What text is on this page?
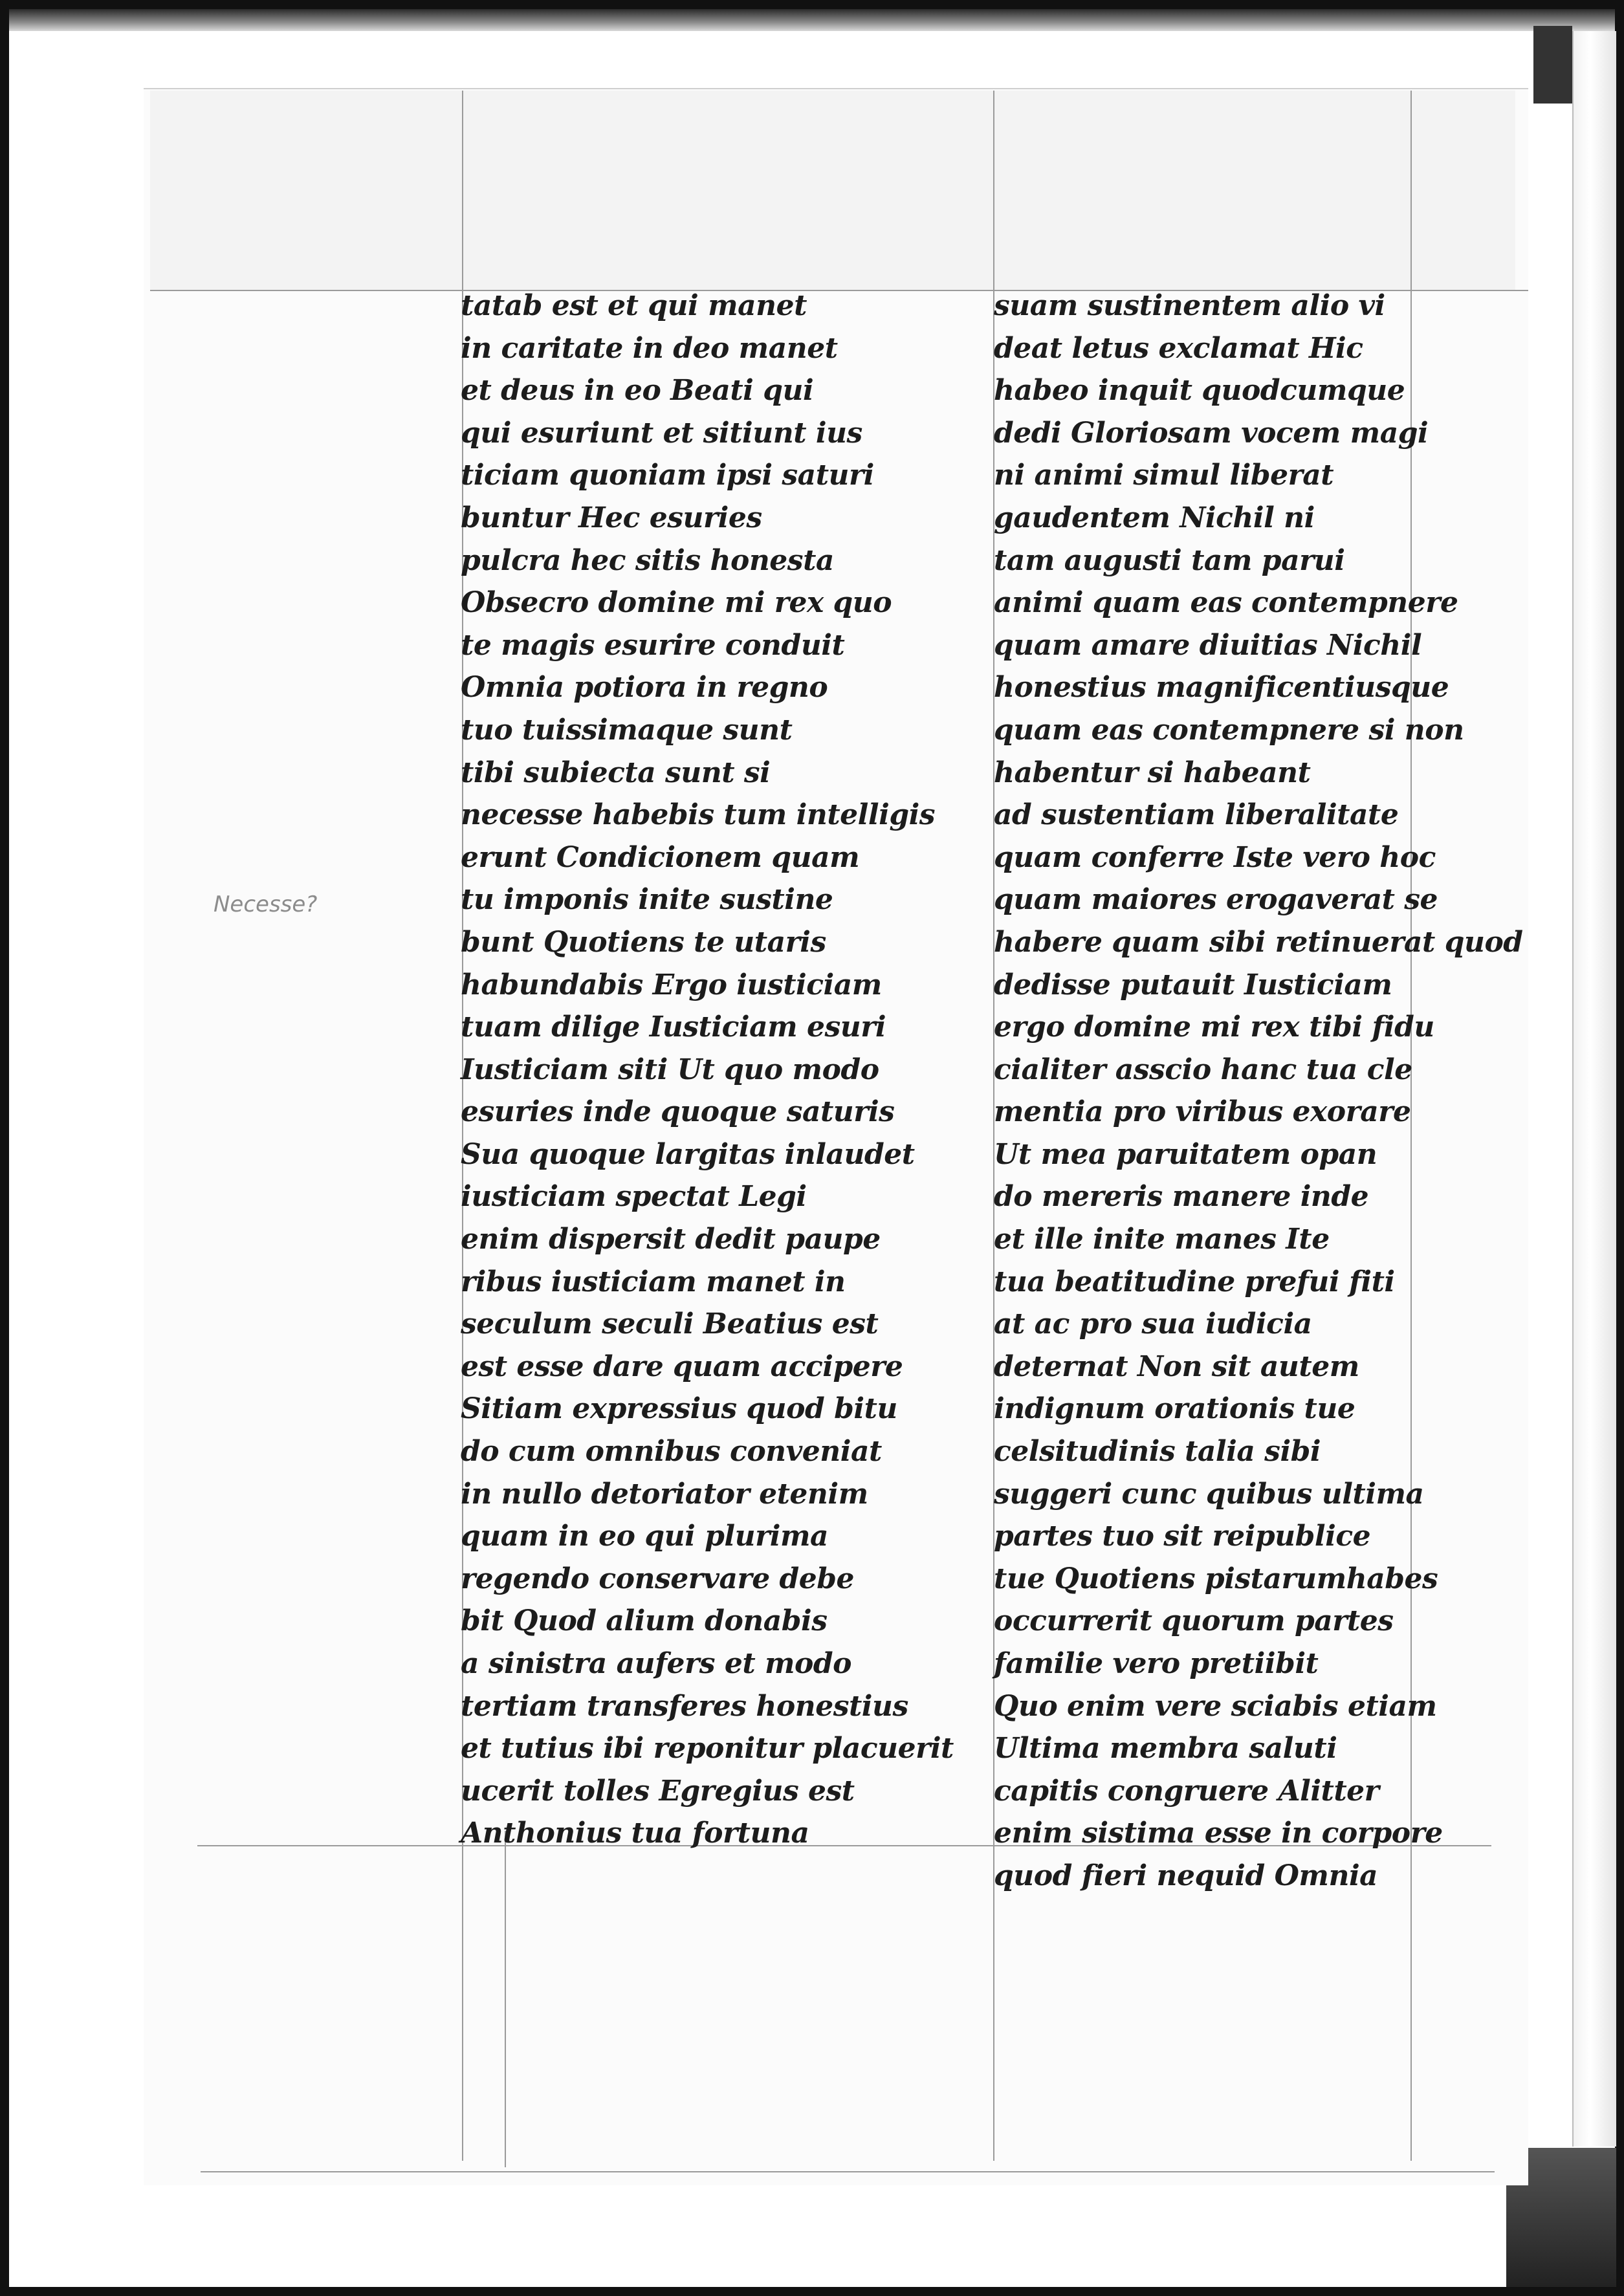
Necesse?
tatab est et qui manet
in caritate in deo manet
et deus in eo Beati qui
qui esuriunt et sitiunt ius
ticiam quoniam ipsi saturi
buntur Hec esuries
pulcra hec sitis honesta
Obsecro domine mi rex quo
te magis esurire conduit
Omnia potiora in regno
tuo tuissimaque sunt
tibi subiecta sunt si
necesse habebis tum intelligis
erunt Condicionem quam
tu imponis inite sustine
bunt Quotiens te utaris
habundabis Ergo iusticiam
tuam dilige Iusticiam esuri
Iusticiam siti Ut quo modo
esuries inde quoque saturis
Sua quoque largitas inlaudet
iusticiam spectat Legi
enim dispersit dedit paupe
ribus iusticiam manet in
seculum seculi Beatius est
est esse dare quam accipere
Sitiam expressius quod bitu
do cum omnibus conveniat
in nullo detoriator etenim
quam in eo qui plurima
regendo conservare debe
bit Quod alium donabis
a sinistra aufers et modo
tertiam transferes honestius
et tutius ibi reponitur placuerit
ucerit tolles Egregius est
Anthonius tua fortuna
suam sustinentem alio vi
deat letus exclamat Hic
habeo inquit quodcumque
dedi Gloriosam vocem magi
ni animi simul liberat
gaudentem Nichil ni
tam augusti tam parui
animi quam eas contempnere
quam amare diuitias Nichil
honestius magnificentiusque
quam eas contempnere si non
habentur si habeant
ad sustentiam liberalitate
quam conferre Iste vero hoc
quam maiores erogaverat se
habere quam sibi retinuerat quod
dedisse putauit Iusticiam
ergo domine mi rex tibi fidu
cialiter asscio hanc tua cle
mentia pro viribus exorare
Ut mea paruitatem opan
do mereris manere inde
et ille inite manes Ite
tua beatitudine prefui fiti
at ac pro sua iudicia
deternat Non sit autem
indignum orationis tue
celsitudinis talia sibi
suggeri cunc quibus ultima
partes tuo sit reipublice
tue Quotiens pistarumhabes
occurrerit quorum partes
familie vero pretiibit
Quo enim vere sciabis etiam
Ultima membra saluti
capitis congruere Alitter
enim sistima esse in corpore
quod fieri nequid Omnia
